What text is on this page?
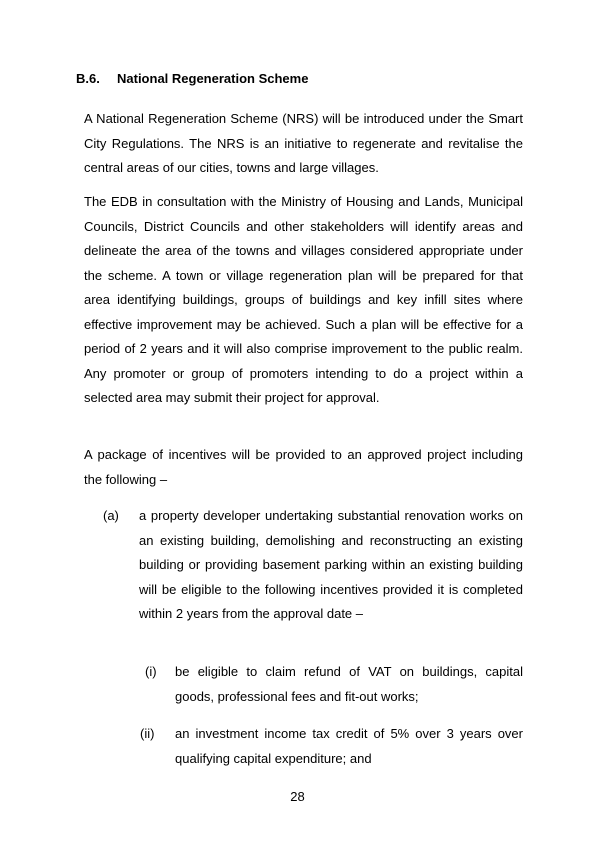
B.6. National Regeneration Scheme

A National Regeneration Scheme (NRS) will be introduced under the Smart City Regulations. The NRS is an initiative to regenerate and revitalise the central areas of our cities, towns and large villages.

The EDB in consultation with the Ministry of Housing and Lands, Municipal Councils, District Councils and other stakeholders will identify areas and delineate the area of the towns and villages considered appropriate under the scheme. A town or village regeneration plan will be prepared for that area identifying buildings, groups of buildings and key infill sites where effective improvement may be achieved. Such a plan will be effective for a period of 2 years and it will also comprise improvement to the public realm. Any promoter or group of promoters intending to do a project within a selected area may submit their project for approval.

A package of incentives will be provided to an approved project including the following –

(a) a property developer undertaking substantial renovation works on an existing building, demolishing and reconstructing an existing building or providing basement parking within an existing building will be eligible to the following incentives provided it is completed within 2 years from the approval date –

(i) be eligible to claim refund of VAT on buildings, capital goods, professional fees and fit-out works;

(ii) an investment income tax credit of 5% over 3 years over qualifying capital expenditure; and

28
